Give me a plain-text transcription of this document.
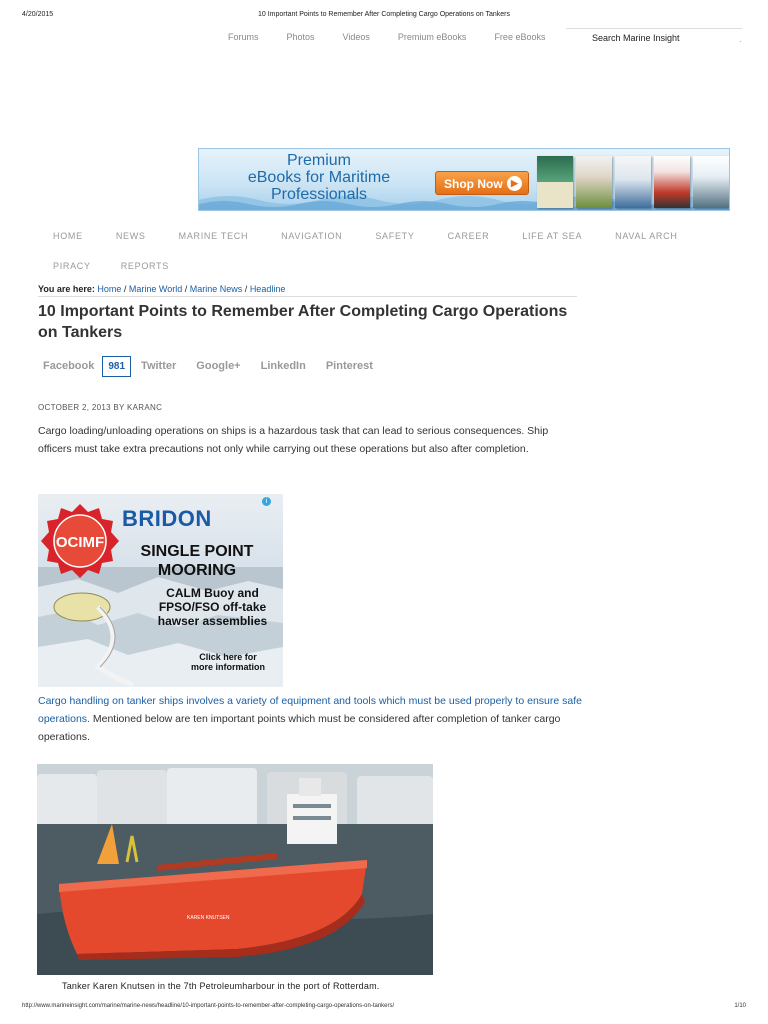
4/20/2015	10 Important Points to Remember After Completing Cargo Operations on Tankers
Forums	Photos	Videos	Premium eBooks	Free eBooks	Search Marine Insight	.
Premium
eBooks for Maritime
Professionals
Shop Now ▶
HOME	NEWS	MARINE TECH	NAVIGATION	SAFETY	CAREER	LIFE AT SEA	NAVAL ARCH
PIRACY	REPORTS
You are here: Home / Marine World / Marine News / Headline
10 Important Points to Remember After Completing Cargo Operations on Tankers
Facebook	981	Twitter Google+ LinkedIn Pinterest
OCTOBER 2, 2013 BY KARANC

Cargo loading/unloading operations on ships is a hazardous task that can lead to serious consequences. Ship officers must take extra precautions not only while carrying out these operations but also after completion.

OCIMF
i
BRIDON
SINGLE POINT
MOORING
CALM Buoy and
FPSO/FSO off-take
hawser assemblies
Click here for
more information

Cargo handling on tanker ships involves a variety of equipment and tools which must be used properly to ensure safe operations. Mentioned below are ten important points which must be considered after completion of tanker cargo operations.

KAREN KNUTSEN
Tanker Karen Knutsen in the 7th Petroleumharbour in the port of Rotterdam.
http://www.marineinsight.com/marine/marine-news/headline/10-important-points-to-remember-after-completing-cargo-operations-on-tankers/	1/10
